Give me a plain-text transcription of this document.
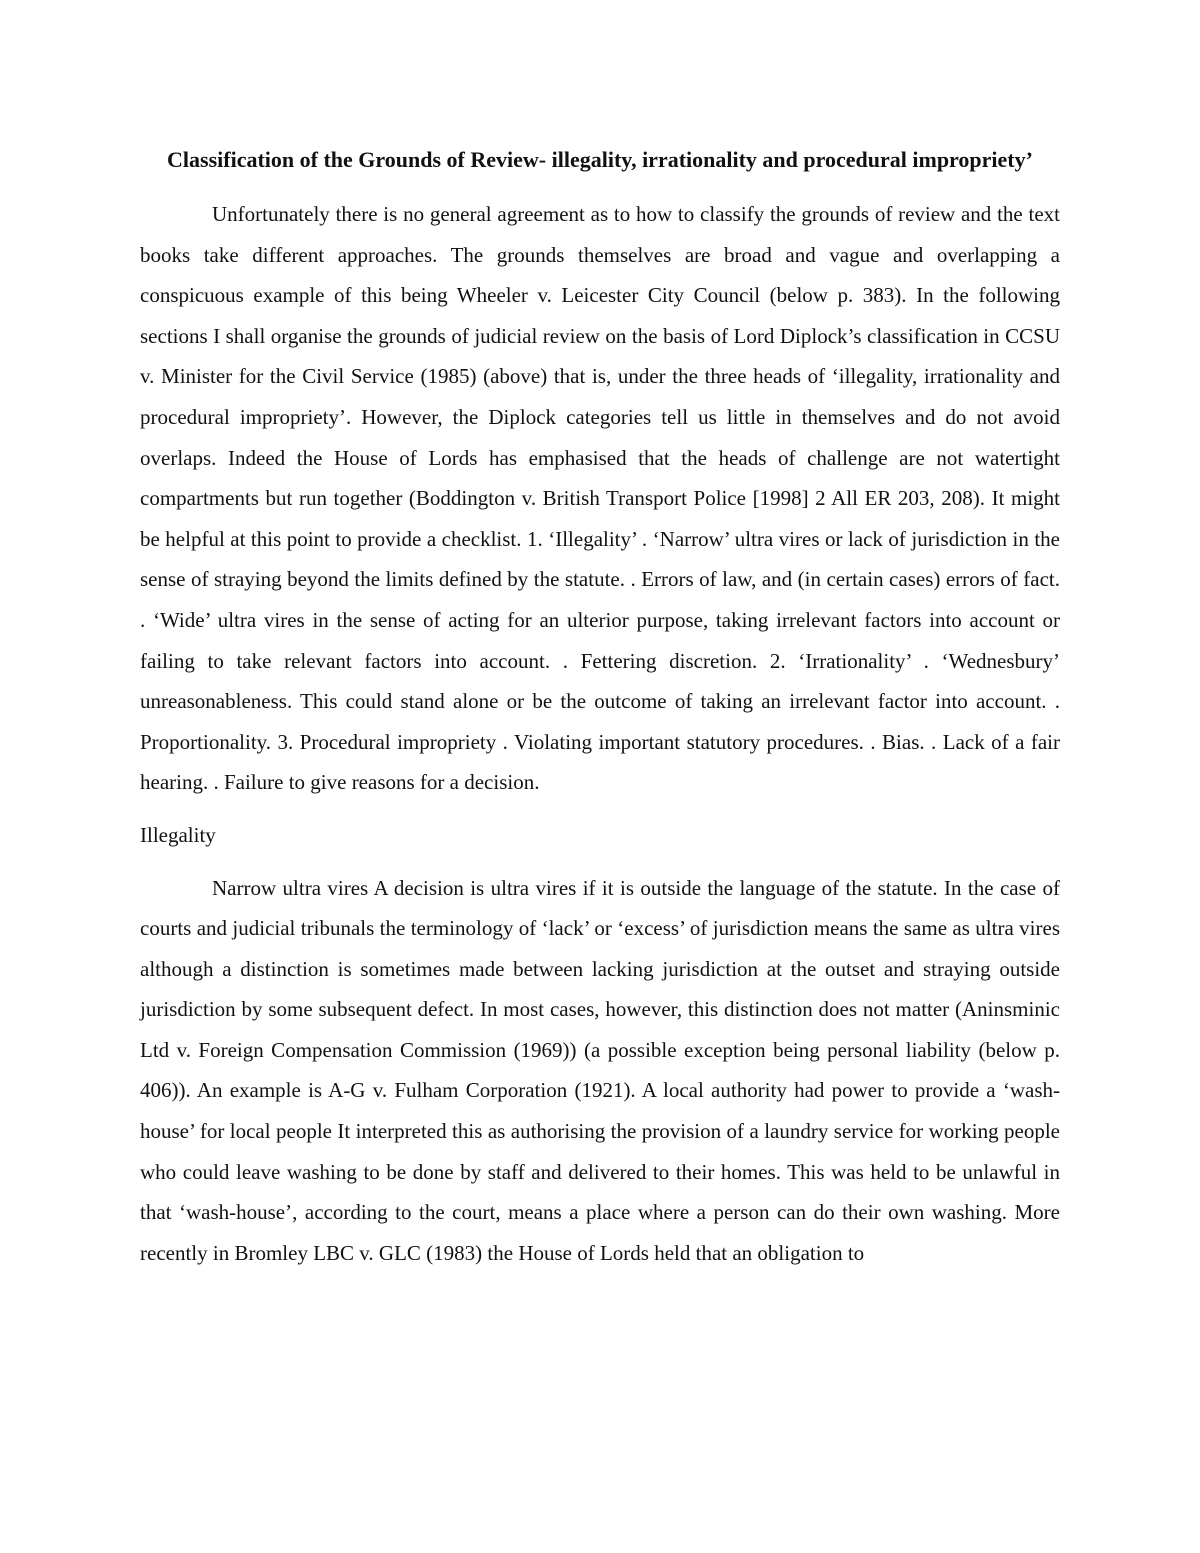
Classification of the Grounds of Review- illegality, irrationality and procedural impropriety’

Unfortunately there is no general agreement as to how to classify the grounds of review and the text books take different approaches. The grounds themselves are broad and vague and overlapping a conspicuous example of this being Wheeler v. Leicester City Council (below p. 383). In the following sections I shall organise the grounds of judicial review on the basis of Lord Diplock’s classification in CCSU v. Minister for the Civil Service (1985) (above) that is, under the three heads of ‘illegality, irrationality and procedural impropriety’. However, the Diplock categories tell us little in themselves and do not avoid overlaps. Indeed the House of Lords has emphasised that the heads of challenge are not watertight compartments but run together (Boddington v. British Transport Police [1998] 2 All ER 203, 208). It might be helpful at this point to provide a checklist. 1. ‘Illegality’ . ‘Narrow’ ultra vires or lack of jurisdiction in the sense of straying beyond the limits defined by the statute. . Errors of law, and (in certain cases) errors of fact. . ‘Wide’ ultra vires in the sense of acting for an ulterior purpose, taking irrelevant factors into account or failing to take relevant factors into account. . Fettering discretion. 2. ‘Irrationality’ . ‘Wednesbury’ unreasonableness. This could stand alone or be the outcome of taking an irrelevant factor into account. . Proportionality. 3. Procedural impropriety . Violating important statutory procedures. . Bias. . Lack of a fair hearing. . Failure to give reasons for a decision.

Illegality

Narrow ultra vires A decision is ultra vires if it is outside the language of the statute. In the case of courts and judicial tribunals the terminology of ‘lack’ or ‘excess’ of jurisdiction means the same as ultra vires although a distinction is sometimes made between lacking jurisdiction at the outset and straying outside jurisdiction by some subsequent defect. In most cases, however, this distinction does not matter (Aninsminic Ltd v. Foreign Compensation Commission (1969)) (a possible exception being personal liability (below p. 406)). An example is A-G v. Fulham Corporation (1921). A local authority had power to provide a ‘wash-house’ for local people It interpreted this as authorising the provision of a laundry service for working people who could leave washing to be done by staff and delivered to their homes. This was held to be unlawful in that ‘wash-house’, according to the court, means a place where a person can do their own washing. More recently in Bromley LBC v. GLC (1983) the House of Lords held that an obligation to
